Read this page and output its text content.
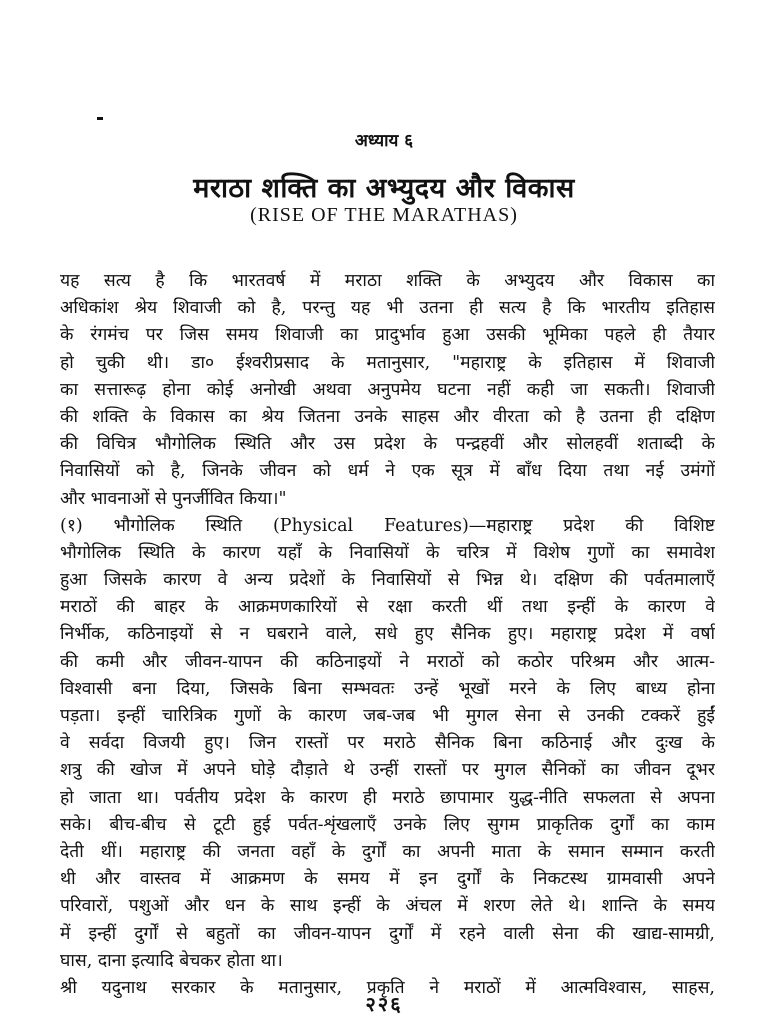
अध्याय ६
मराठा शक्ति का अभ्युदय और विकास
(RISE OF THE MARATHAS)
यह सत्य है कि भारतवर्ष में मराठा शक्ति के अभ्युदय और विकास का
अधिकांश श्रेय शिवाजी को है, परन्तु यह भी उतना ही सत्य है कि भारतीय इतिहास
के रंगमंच पर जिस समय शिवाजी का प्रादुर्भाव हुआ उसकी भूमिका पहले ही तैयार
हो चुकी थी। डा० ईश्वरीप्रसाद के मतानुसार, "महाराष्ट्र के इतिहास में शिवाजी
का सत्तारूढ़ होना कोई अनोखी अथवा अनुपमेय घटना नहीं कही जा सकती। शिवाजी
की शक्ति के विकास का श्रेय जितना उनके साहस और वीरता को है उतना ही दक्षिण
की विचित्र भौगोलिक स्थिति और उस प्रदेश के पन्द्रहवीं और सोलहवीं शताब्दी के
निवासियों को है, जिनके जीवन को धर्म ने एक सूत्र में बाँध दिया तथा नई उमंगों
और भावनाओं से पुनर्जीवित किया।"
(१) भौगोलिक स्थिति (Physical Features)—महाराष्ट्र प्रदेश की विशिष्ट
भौगोलिक स्थिति के कारण यहाँ के निवासियों के चरित्र में विशेष गुणों का समावेश
हुआ जिसके कारण वे अन्य प्रदेशों के निवासियों से भिन्न थे। दक्षिण की पर्वतमालाएँ
मराठों की बाहर के आक्रमणकारियों से रक्षा करती थीं तथा इन्हीं के कारण वे
निर्भीक, कठिनाइयों से न घबराने वाले, सधे हुए सैनिक हुए। महाराष्ट्र प्रदेश में वर्षा
की कमी और जीवन-यापन की कठिनाइयों ने मराठों को कठोर परिश्रम और आत्म-
विश्वासी बना दिया, जिसके बिना सम्भवतः उन्हें भूखों मरने के लिए बाध्य होना
पड़ता। इन्हीं चारित्रिक गुणों के कारण जब-जब भी मुगल सेना से उनकी टक्करें हुईं
वे सर्वदा विजयी हुए। जिन रास्तों पर मराठे सैनिक बिना कठिनाई और दुःख के
शत्रु की खोज में अपने घोड़े दौड़ाते थे उन्हीं रास्तों पर मुगल सैनिकों का जीवन दूभर
हो जाता था। पर्वतीय प्रदेश के कारण ही मराठे छापामार युद्ध-नीति सफलता से अपना
सके। बीच-बीच से टूटी हुई पर्वत-शृंखलाएँ उनके लिए सुगम प्राकृतिक दुर्गों का काम
देती थीं। महाराष्ट्र की जनता वहाँ के दुर्गों का अपनी माता के समान सम्मान करती
थी और वास्तव में आक्रमण के समय में इन दुर्गों के निकटस्थ ग्रामवासी अपने
परिवारों, पशुओं और धन के साथ इन्हीं के अंचल में शरण लेते थे। शान्ति के समय
में इन्हीं दुर्गों से बहुतों का जीवन-यापन दुर्गों में रहने वाली सेना की खाद्य-सामग्री,
घास, दाना इत्यादि बेचकर होता था।
श्री यदुनाथ सरकार के मतानुसार, प्रकृति ने मराठों में आत्मविश्वास, साहस,
२२६
